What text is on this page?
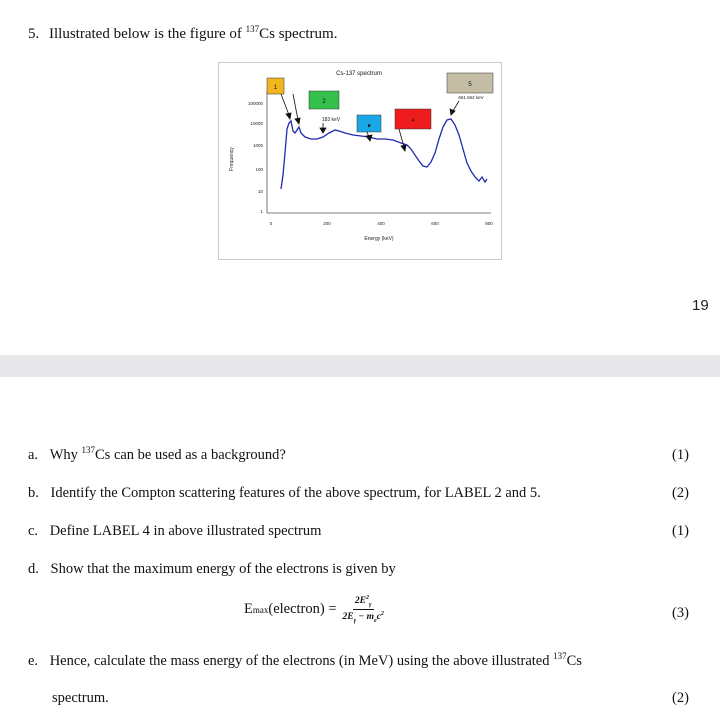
5. Illustrated below is the figure of $^{137}$Cs spectrum.
Cs-137 spectrum
100000
10000
1000
100
10
1
Frequency
0	200	400	600	800
Energy (keV)
1
2
■
4
5
183 keV
661.662 keV
19
a. Why $^{137}$Cs can be used as a background?	(1)
b. Identify the Compton scattering features of the above spectrum, for LABEL 2 and 5.	(2)
c. Define LABEL 4 in above illustrated spectrum	(1)
d. Show that the maximum energy of the electrons is given by
E max (electron) = $\frac{2E^2_\gamma}{2E_\gamma - m_ec^2}$	(3)
e. Hence, calculate the mass energy of the electrons (in MeV) using the above illustrated $^{137}$Cs
spectrum.	(2)
